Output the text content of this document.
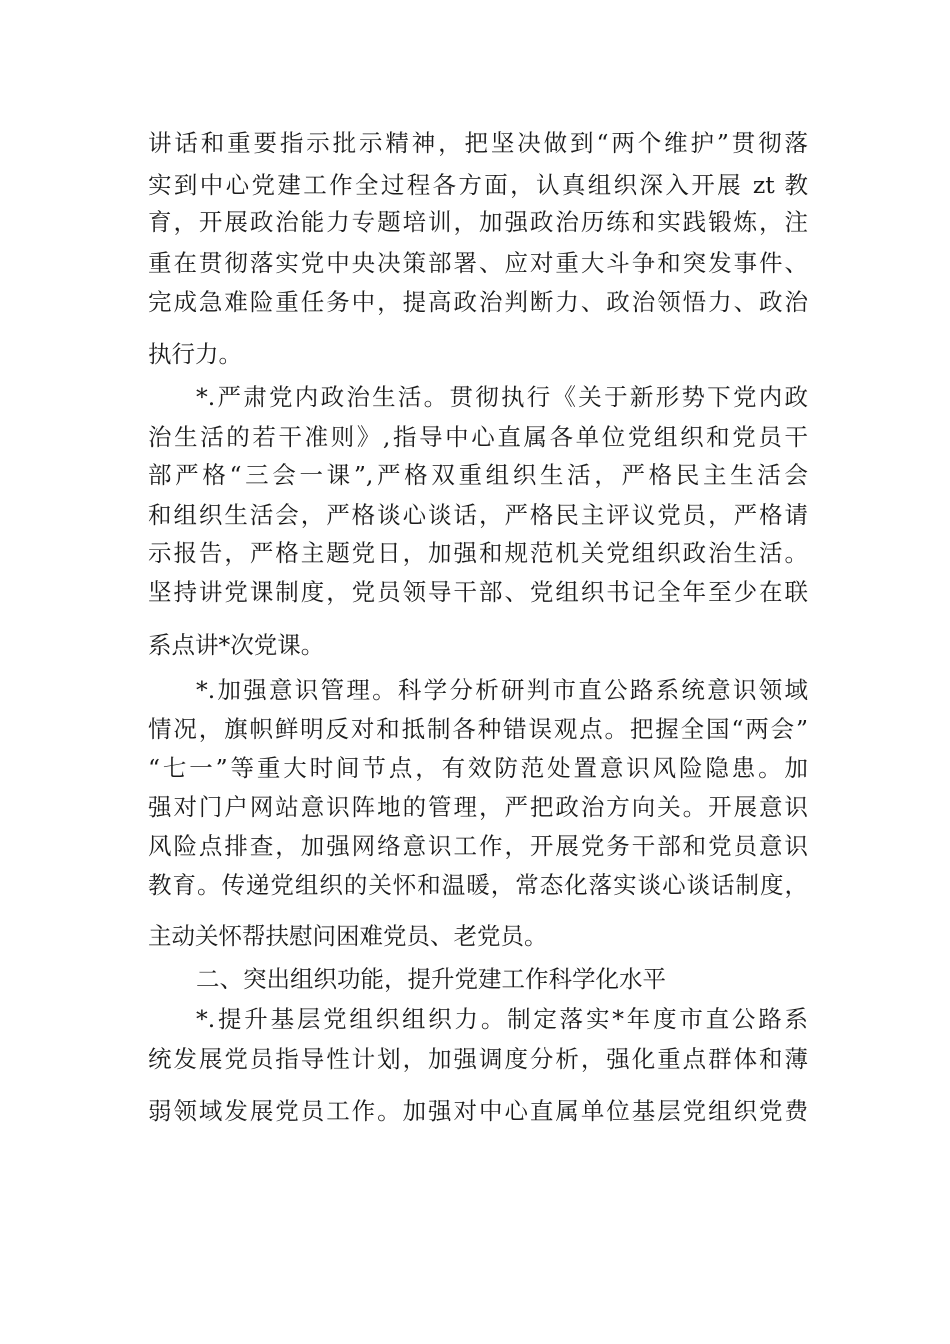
讲话和重要指示批示精神，把坚决做到“两个维护”贯彻落
实到中心党建工作全过程各方面，认真组织深入开展 zt 教
育，开展政治能力专题培训，加强政治历练和实践锻炼，注
重在贯彻落实党中央决策部署、应对重大斗争和突发事件、
完成急难险重任务中，提高政治判断力、政治领悟力、政治
执行力。
*.严肃党内政治生活。贯彻执行《关于新形势下党内政
治生活的若干准则》,指导中心直属各单位党组织和党员干
部严格“三会一课”,严格双重组织生活，严格民主生活会
和组织生活会，严格谈心谈话，严格民主评议党员，严格请
示报告，严格主题党日，加强和规范机关党组织政治生活。
坚持讲党课制度，党员领导干部、党组织书记全年至少在联
系点讲*次党课。
*.加强意识管理。科学分析研判市直公路系统意识领域
情况，旗帜鲜明反对和抵制各种错误观点。把握全国“两会”
“七一”等重大时间节点，有效防范处置意识风险隐患。加
强对门户网站意识阵地的管理，严把政治方向关。开展意识
风险点排查，加强网络意识工作，开展党务干部和党员意识
教育。传递党组织的关怀和温暖，常态化落实谈心谈话制度，
主动关怀帮扶慰问困难党员、老党员。
二、突出组织功能，提升党建工作科学化水平
*.提升基层党组织组织力。制定落实*年度市直公路系
统发展党员指导性计划，加强调度分析，强化重点群体和薄
弱领域发展党员工作。加强对中心直属单位基层党组织党费
